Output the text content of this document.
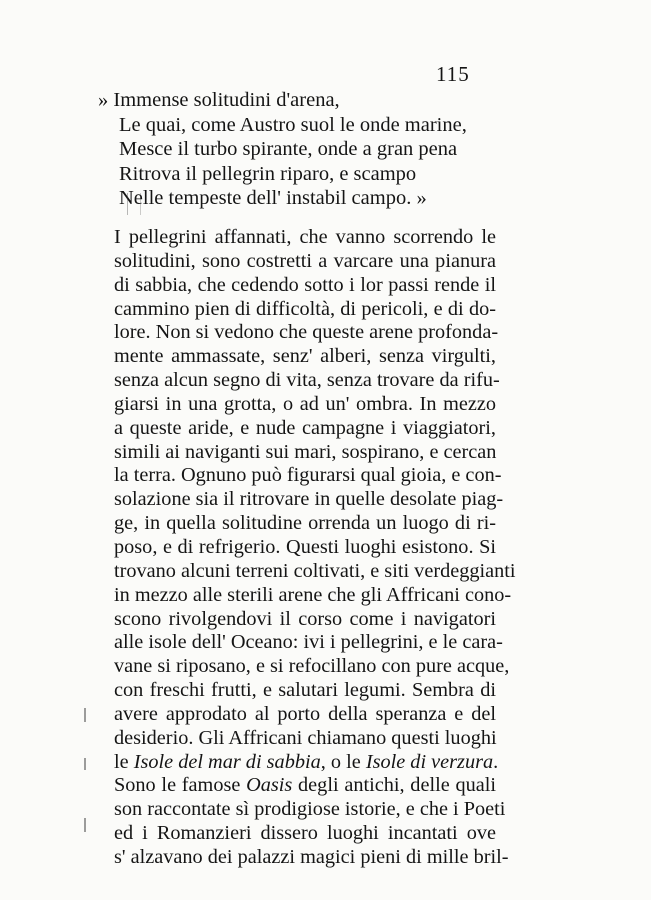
115
» Immense solitudini d'arena,
Le quai, come Austro suol le onde marine,
Mesce il turbo spirante, onde a gran pena
Ritrova il pellegrin riparo, e scampo
Nelle tempeste dell' instabil campo. »
I pellegrini affannati, che vanno scorrendo le
solitudini, sono costretti a varcare una pianura
di sabbia, che cedendo sotto i lor passi rende il
cammino pien di difficoltà, di pericoli, e di do-
lore. Non si vedono che queste arene profonda-
mente ammassate, senz' alberi, senza virgulti,
senza alcun segno di vita, senza trovare da rifu-
giarsi in una grotta, o ad un' ombra. In mezzo
a queste aride, e nude campagne i viaggiatori,
simili ai naviganti sui mari, sospirano, e cercan
la terra. Ognuno può figurarsi qual gioia, e con-
solazione sia il ritrovare in quelle desolate piag-
ge, in quella solitudine orrenda un luogo di ri-
poso, e di refrigerio. Questi luoghi esistono. Si
trovano alcuni terreni coltivati, e siti verdeggianti
in mezzo alle sterili arene che gli Affricani cono-
scono rivolgendovi il corso come i navigatori
alle isole dell' Oceano: ivi i pellegrini, e le cara-
vane si riposano, e si refocillano con pure acque,
con freschi frutti, e salutari legumi. Sembra di
avere approdato al porto della speranza e del
desiderio. Gli Affricani chiamano questi luoghi
le Isole del mar di sabbia, o le Isole di verzura.
Sono le famose Oasis degli antichi, delle quali
son raccontate sì prodigiose istorie, e che i Poeti
ed i Romanzieri dissero luoghi incantati ove
s' alzavano dei palazzi magici pieni di mille bril-
